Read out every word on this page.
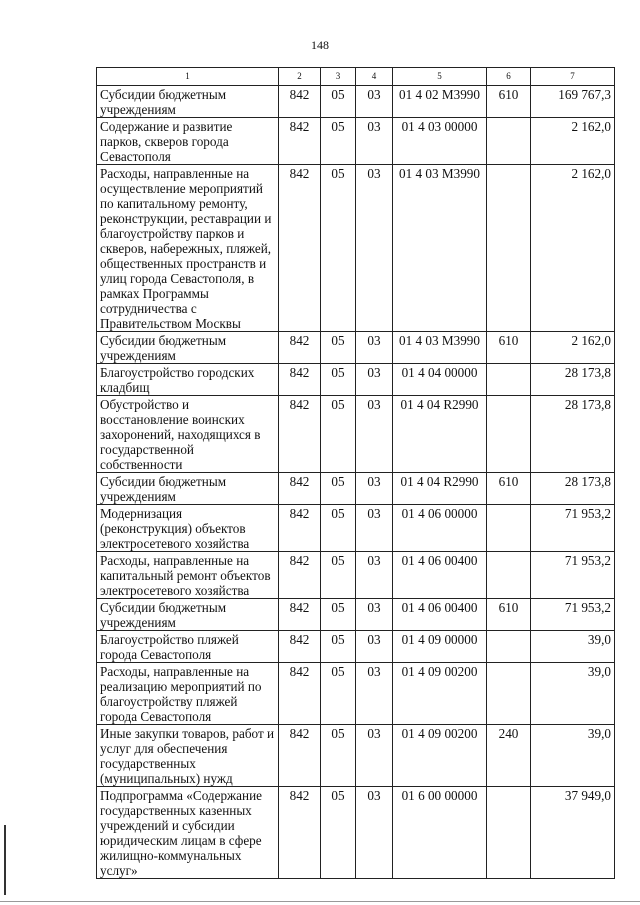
148
1	2	3	4	5	6	7
Субсидии бюджетным учреждениям	842	05	03	01 4 02 M3990	610	169 767,3
Содержание и развитие парков, скверов города Севастополя	842	05	03	01 4 03 00000		2 162,0
Расходы, направленные на осуществление мероприятий по капитальному ремонту, реконструкции, реставрации и благоустройству парков и скверов, набережных, пляжей, общественных пространств и улиц города Севастополя, в рамках Программы сотрудничества с Правительством Москвы	842	05	03	01 4 03 M3990		2 162,0
Субсидии бюджетным учреждениям	842	05	03	01 4 03 M3990	610	2 162,0
Благоустройство городских кладбищ	842	05	03	01 4 04 00000		28 173,8
Обустройство и восстановление воинских захоронений, находящихся в государственной собственности	842	05	03	01 4 04 R2990		28 173,8
Субсидии бюджетным учреждениям	842	05	03	01 4 04 R2990	610	28 173,8
Модернизация (реконструкция) объектов электросетевого хозяйства	842	05	03	01 4 06 00000		71 953,2
Расходы, направленные на капитальный ремонт объектов электросетевого хозяйства	842	05	03	01 4 06 00400		71 953,2
Субсидии бюджетным учреждениям	842	05	03	01 4 06 00400	610	71 953,2
Благоустройство пляжей города Севастополя	842	05	03	01 4 09 00000		39,0
Расходы, направленные на реализацию мероприятий по благоустройству пляжей города Севастополя	842	05	03	01 4 09 00200		39,0
Иные закупки товаров, работ и услуг для обеспечения государственных (муниципальных) нужд	842	05	03	01 4 09 00200	240	39,0
Подпрограмма «Содержание государственных казенных учреждений и субсидии юридическим лицам в сфере жилищно-коммунальных услуг»	842	05	03	01 6 00 00000		37 949,0
